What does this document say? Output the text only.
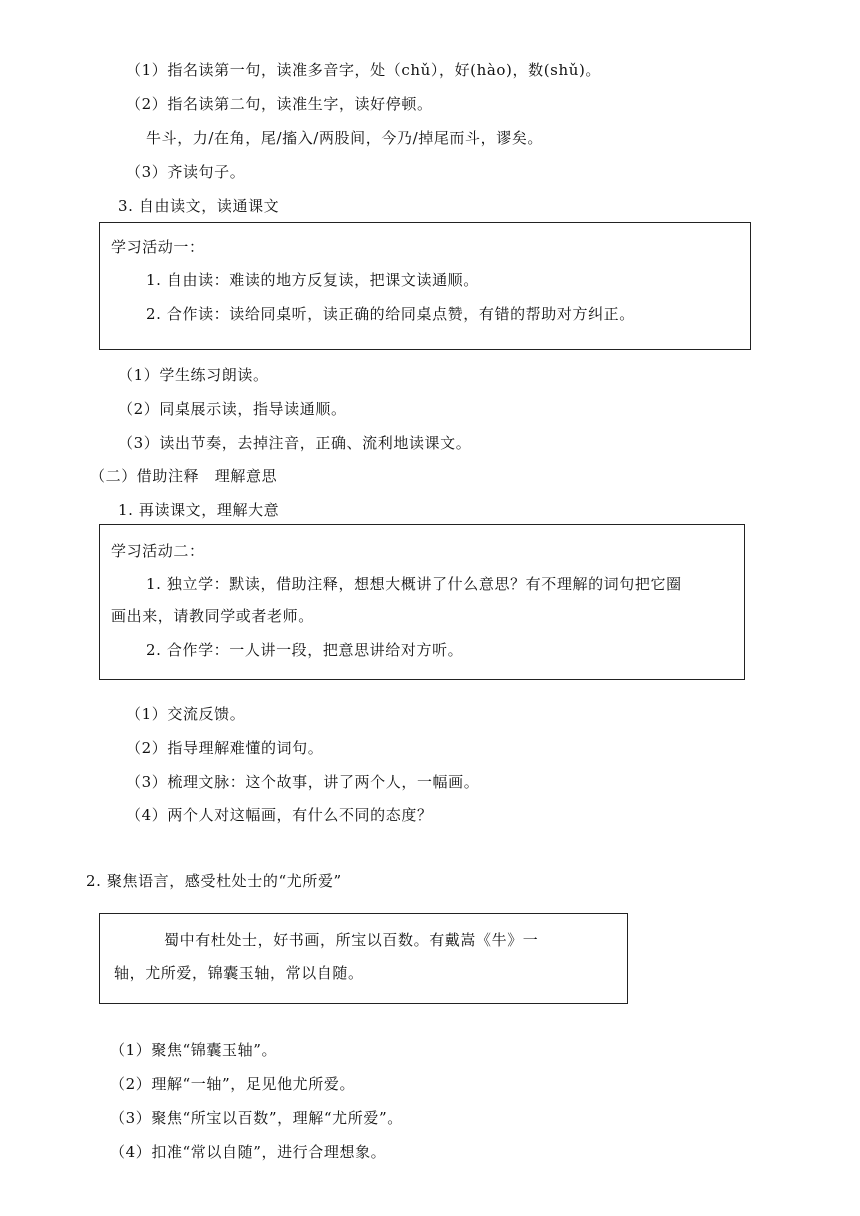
（1）指名读第一句，读准多音字，处（chǔ），好(hào)，数(shǔ)。
（2）指名读第二句，读准生字，读好停顿。
牛斗，力/在角，尾/搐入/两股间，今乃/掉尾而斗，谬矣。
（3）齐读句子。
3. 自由读文，读通课文
学习活动一：
1. 自由读：难读的地方反复读，把课文读通顺。
2. 合作读：读给同桌听，读正确的给同桌点赞，有错的帮助对方纠正。
（1）学生练习朗读。
（2）同桌展示读，指导读通顺。
（3）读出节奏，去掉注音，正确、流利地读课文。
（二）借助注释　理解意思
1. 再读课文，理解大意
学习活动二：
1. 独立学：默读，借助注释，想想大概讲了什么意思？有不理解的词句把它圈
画出来，请教同学或者老师。
2. 合作学：一人讲一段，把意思讲给对方听。
（1）交流反馈。
（2）指导理解难懂的词句。
（3）梳理文脉：这个故事，讲了两个人，一幅画。
（4）两个人对这幅画，有什么不同的态度？
2. 聚焦语言，感受杜处士的“尤所爱”
蜀中有杜处士，好书画，所宝以百数。有戴嵩《牛》一
轴，尤所爱，锦囊玉轴，常以自随。
（1）聚焦“锦囊玉轴”。
（2）理解“一轴”，足见他尤所爱。
（3）聚焦“所宝以百数”，理解“尤所爱”。
（4）扣准“常以自随”，进行合理想象。
